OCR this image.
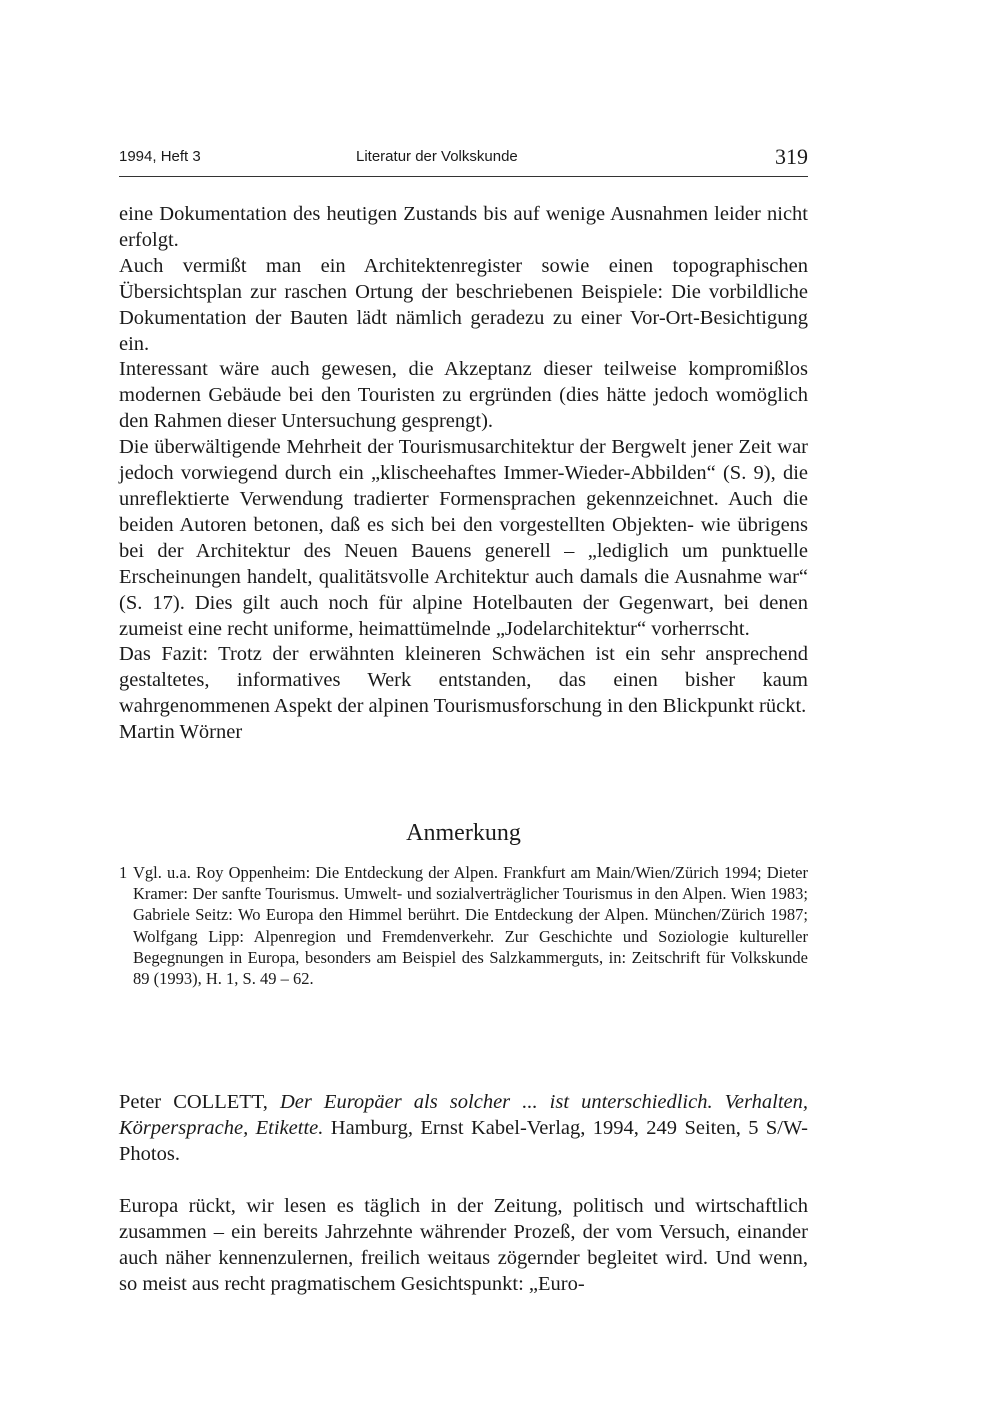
1994, Heft 3	Literatur der Volkskunde	319

eine Dokumentation des heutigen Zustands bis auf wenige Ausnahmen leider nicht erfolgt.

Auch vermißt man ein Architektenregister sowie einen topographischen Übersichtsplan zur raschen Ortung der beschriebenen Beispiele: Die vorbildliche Dokumentation der Bauten lädt nämlich geradezu zu einer Vor-Ort-Besichtigung ein.

Interessant wäre auch gewesen, die Akzeptanz dieser teilweise kompromißlos modernen Gebäude bei den Touristen zu ergründen (dies hätte jedoch womöglich den Rahmen dieser Untersuchung gesprengt).

Die überwältigende Mehrheit der Tourismusarchitektur der Bergwelt jener Zeit war jedoch vorwiegend durch ein „klischeehaftes Immer-Wieder-Abbilden“ (S. 9), die unreflektierte Verwendung tradierter Formensprachen gekennzeichnet. Auch die beiden Autoren betonen, daß es sich bei den vorgestellten Objekten- wie übrigens bei der Architektur des Neuen Bauens generell – „lediglich um punktuelle Erscheinungen handelt, qualitätsvolle Architektur auch damals die Ausnahme war“ (S. 17). Dies gilt auch noch für alpine Hotelbauten der Gegenwart, bei denen zumeist eine recht uniforme, heimattümelnde „Jodelarchitektur“ vorherrscht.

Das Fazit: Trotz der erwähnten kleineren Schwächen ist ein sehr ansprechend gestaltetes, informatives Werk entstanden, das einen bisher kaum wahrgenommenen Aspekt der alpinen Tourismusforschung in den Blickpunkt rückt.

Martin Wörner

Anmerkung
1 Vgl. u.a. Roy Oppenheim: Die Entdeckung der Alpen. Frankfurt am Main/Wien/Zürich 1994; Dieter Kramer: Der sanfte Tourismus. Umwelt- und sozialverträglicher Tourismus in den Alpen. Wien 1983; Gabriele Seitz: Wo Europa den Himmel berührt. Die Entdeckung der Alpen. München/Zürich 1987; Wolfgang Lipp: Alpenregion und Fremdenverkehr. Zur Geschichte und Soziologie kultureller Begegnungen in Europa, besonders am Beispiel des Salzkammerguts, in: Zeitschrift für Volkskunde 89 (1993), H. 1, S. 49 – 62.

Peter COLLETT, Der Europäer als solcher ... ist unterschiedlich. Verhalten, Körpersprache, Etikette. Hamburg, Ernst Kabel-Verlag, 1994, 249 Seiten, 5 S/W-Photos.

Europa rückt, wir lesen es täglich in der Zeitung, politisch und wirtschaftlich zusammen – ein bereits Jahrzehnte währender Prozeß, der vom Versuch, einander auch näher kennenzulernen, freilich weitaus zögernder begleitet wird. Und wenn, so meist aus recht pragmatischem Gesichtspunkt: „Euro-
